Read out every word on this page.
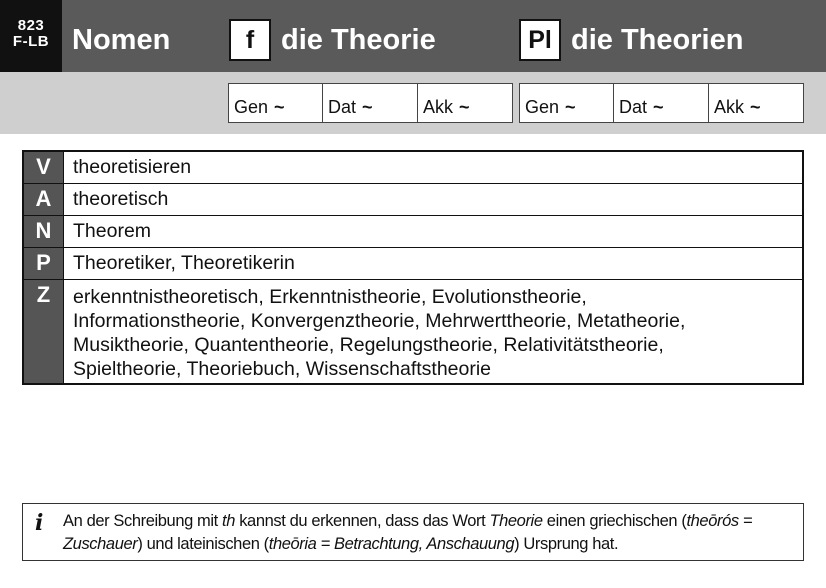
823
F-LB Nomen	f die Theorie	Pl die Theorien
Gen ~	Dat ~	Akk ~	Gen ~	Dat ~	Akk ~
V	theoretisieren
A	theoretisch
N	Theorem
P	Theoretiker, Theoretikerin
Z	erkenntnistheoretisch, Erkenntnistheorie, Evolutionstheorie,
Informationstheorie, Konvergenztheorie, Mehrwerttheorie, Metatheorie,
Musiktheorie, Quantentheorie, Regelungstheorie, Relativitätstheorie,
Spieltheorie, Theoriebuch, Wissenschaftstheorie
i An der Schreibung mit th kannst du erkennen, dass das Wort Theorie einen griechischen (theōrós = Zuschauer) und lateinischen (theōria = Betrachtung, Anschauung) Ursprung hat.
